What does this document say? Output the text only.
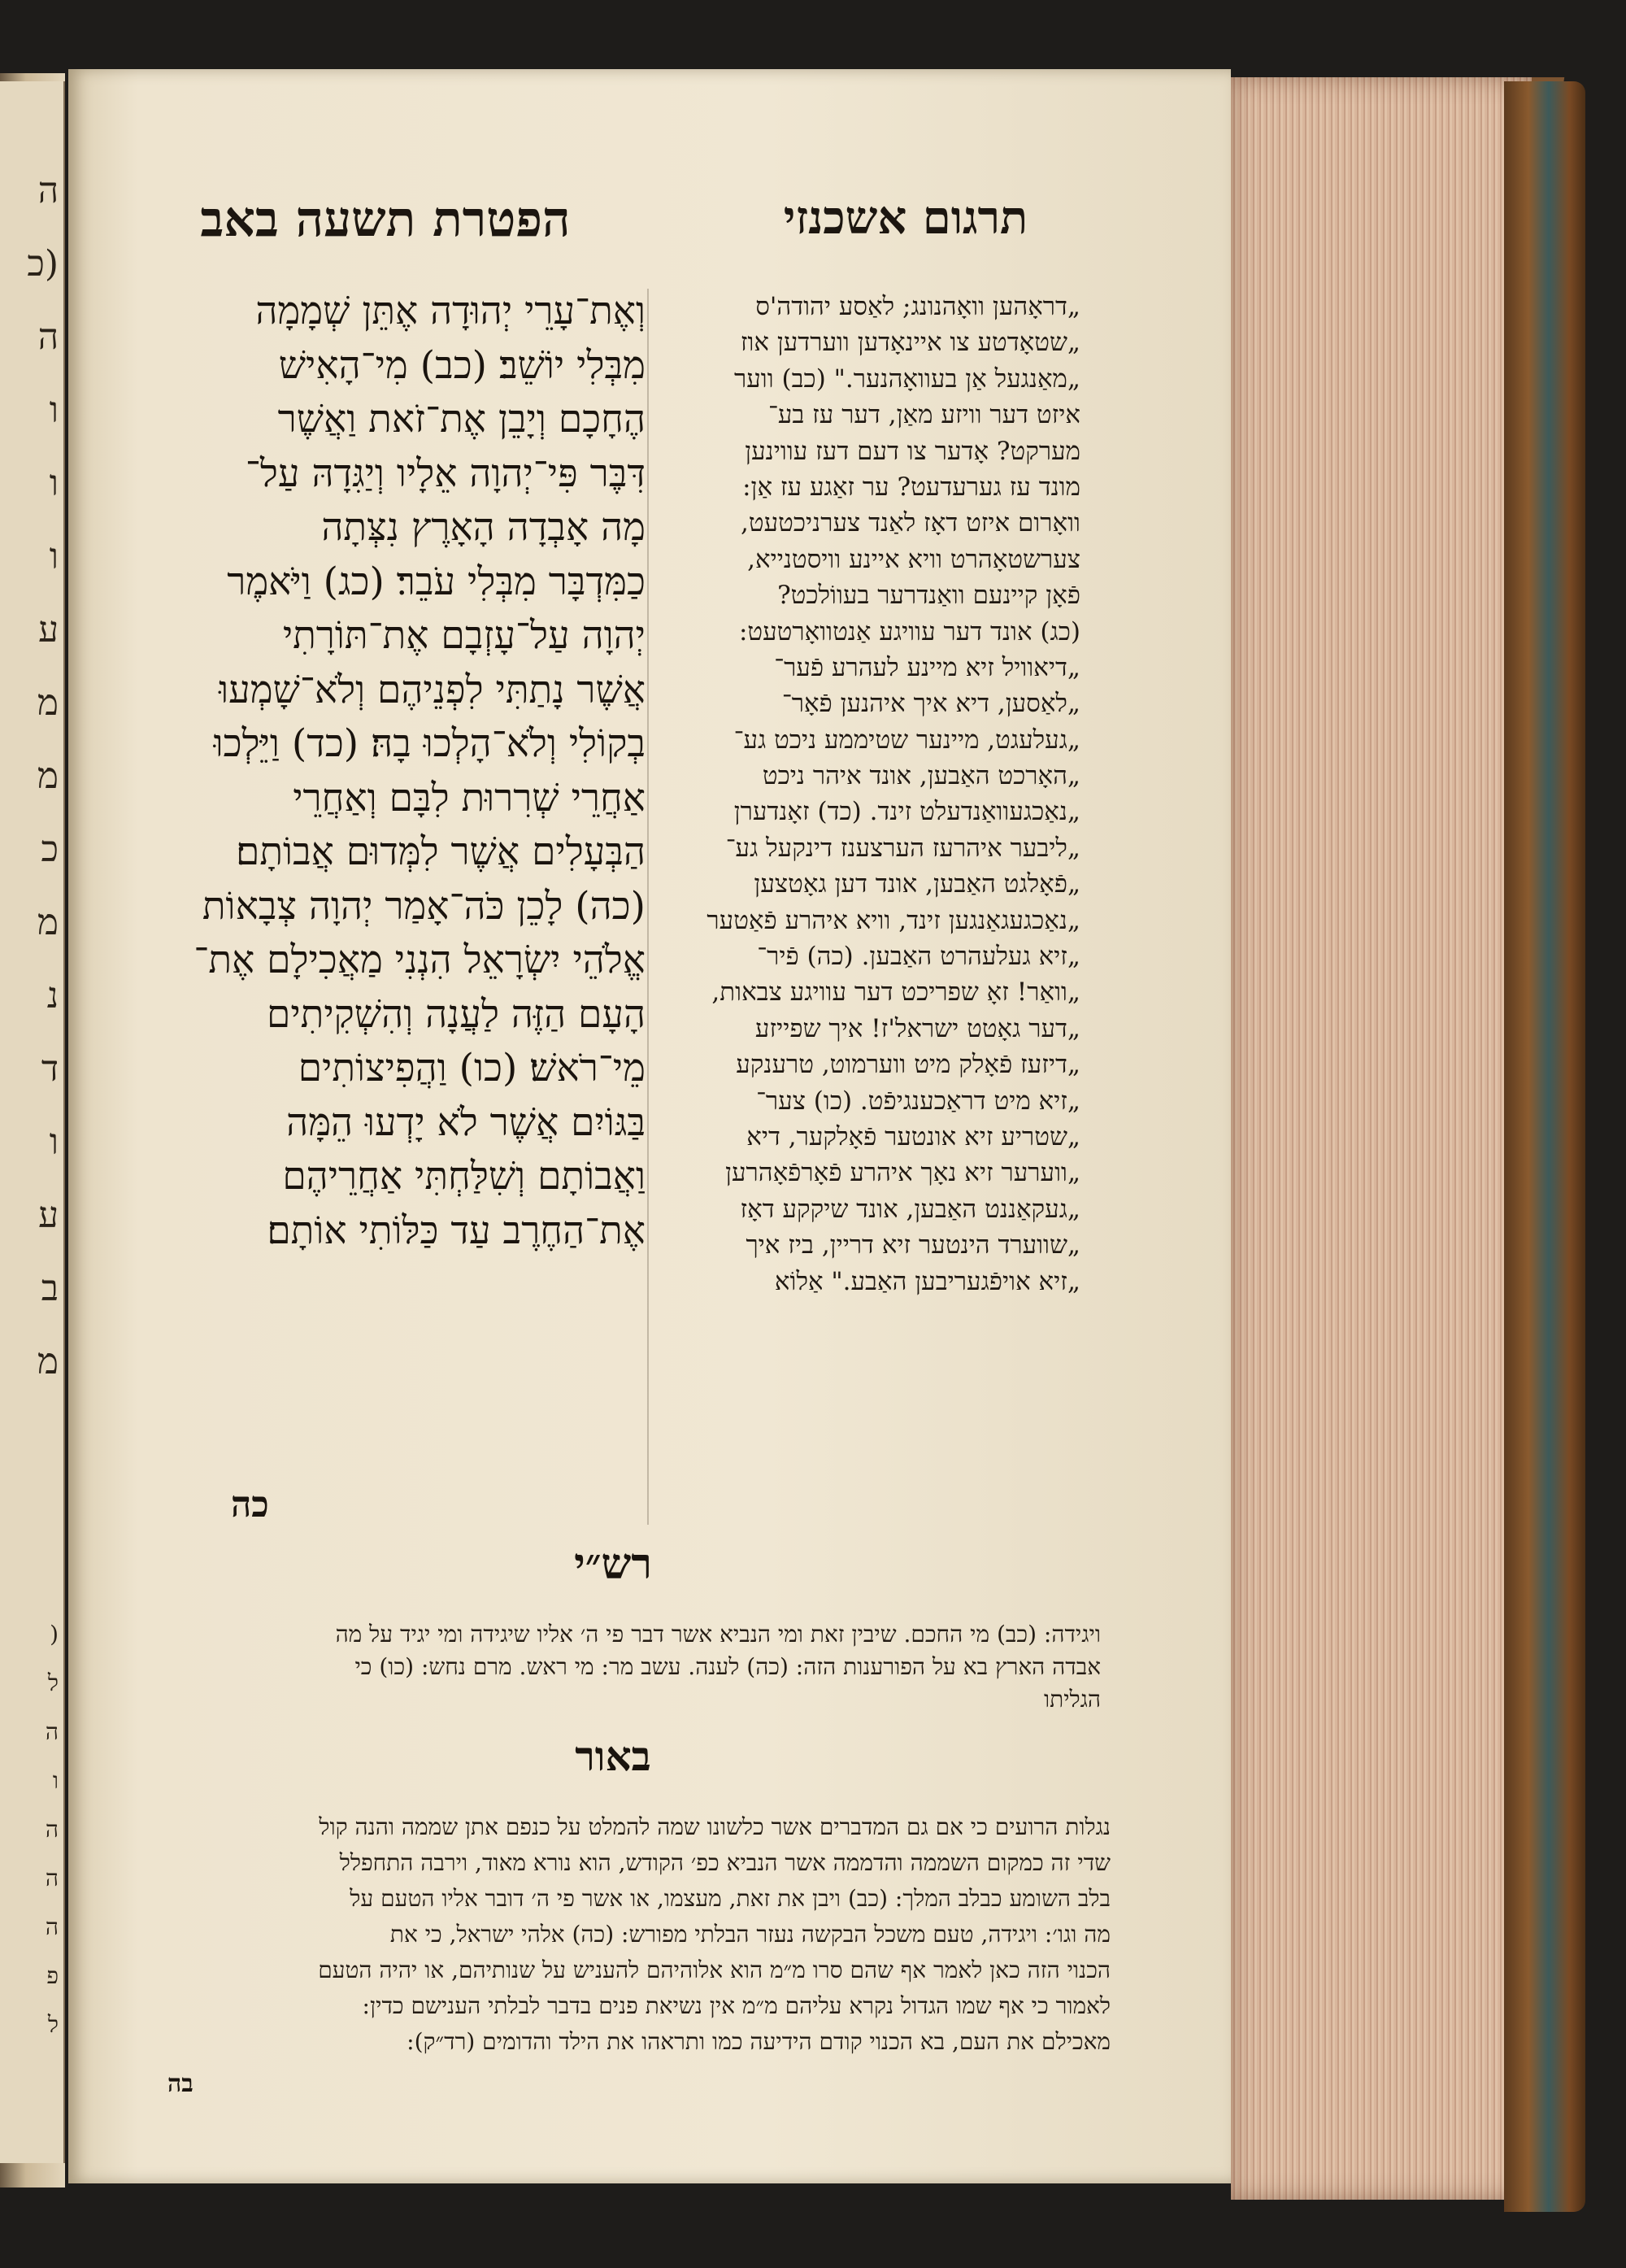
ה
(כ
ה
ו
ו
ו
ע
מ
מ
כ
מ
נ
ד
ו
ע
ב
מ
(
ל
ה
ו
ה
ה
ה
פ
ל
הפטרת תשעה באב	תרגום אשכנזי
וְאֶת־עָרֵי יְהוּדָה אֶתֵּן שְׁמָמָה
מִבְּלִי יוֹשֵׁב׃ (כב) מִי־הָאִישׁ
הֶחָכָם וְיָבֵן אֶת־זֹאת וַאֲשֶׁר
דִּבֶּר פִּי־יְהוָה אֵלָיו וְיַגִּדָהּ עַל־
מָה אָבְדָה הָאָרֶץ נִצְּתָה
כַמִּדְבָּר מִבְּלִי עֹבֵר׃ (כג) וַיֹּאמֶר
יְהוָה עַל־עָזְבָם אֶת־תּוֹרָתִי
אֲשֶׁר נָתַתִּי לִפְנֵיהֶם וְלֹא־שָׁמְעוּ
בְקוֹלִי וְלֹא־הָלְכוּ בָהּ׃ (כד) וַיֵּלְכוּ
אַחֲרֵי שְׁרִרוּת לִבָּם וְאַחֲרֵי
הַבְּעָלִים אֲשֶׁר לִמְּדוּם אֲבוֹתָם׃
(כה) לָכֵן כֹּה־אָמַר יְהוָה צְבָאוֹת
אֱלֹהֵי יִשְׂרָאֵל הִנְנִי מַאֲכִילָם אֶת־
הָעָם הַזֶּה לַעֲנָה וְהִשְׁקִיתִים
מֵי־רֹאשׁ׃ (כו) וַהֲפִיצוֹתִים
בַּגּוֹיִם אֲשֶׁר לֹא יָדְעוּ הֵמָּה
וַאֲבוֹתָם וְשִׁלַּחְתִּי אַחֲרֵיהֶם
אֶת־הַחֶרֶב עַד כַּלּוֹתִי אוֹתָם׃
כה
„דראָהען וואָהנונג; לאַסע יהודה'ס
„שטאָדטע צו איינאָדען ווערדען אוז
„מאַנגעל אַן בעוואָהנער." (כב) ווער
איזט דער וויזע מאַן, דער עז בע־
מערקט? אָדער צו דעם דעז עווינען
מונד עז גערעדעט? ער זאַגע עז אַן:
וואָרום איזט דאָז לאַנד צערניכטעט,
צערשטאָהרט וויא איינע וויסטנייא,
פֿאָן קיינעם וואַנדרער בעווֹלכט?
(כג) אונד דער עוויגע אַנטוואָרטעט:
„דיאוויל זיא מיינע לעהרע פֿער־
„לאַסען, דיא איך איהנען פֿאָר־
„געלעגט, מיינער שטיממע ניכט גע־
„האָרכט האַבען, אונד איהר ניכט
„נאַכגעוואַנדעלט זינד. (כד) זאָנדערן
„ליבער איהרעז הערצענז דינקעל גע־
„פֿאָלגט האַבען, אונד דען גאָטצען
„נאַכגעגאַנגען זינד, וויא איהרע פֿאַטער
„זיא געלעהרט האַבען. (כה) פֿיר־
„וואַר! זאָ שפריכט דער עוויגע צבאות,
„דער גאָטט ישראל'ז! איך שפייזע
„דיזעז פֿאָלק מיט ווערמוט, טרענקע
„זיא מיט דראַכענגיפֿט. (כו) צער־
„שטריע זיא אונטער פֿאָלקער, דיא
„ווערער זיא נאָך איהרע פֿאָרפֿאָהרען
„געקאַננט האַבען, אונד שיקקע דאָז
„שווערד הינטער זיא דריין, ביז איך
„זיא אויפֿגעריבען האַבע." אַלוֹא
רש״י
ויגידה: (כב) מי החכם. שיבין זאת ומי הנביא אשר דבר פי ה׳ אליו שיגידה ומי יגיד על מה
אבדה הארץ בא על הפורענות הזה: (כה) לענה. עשב מר: מי ראש. מרם נחש: (כו) כי
הגליתו
באור
נגלות הרועים כי אם גם המדברים אשר כלשונו שמה להמלט על כנפם אתן שממה והנה קול
שדי זה כמקום השממה והדממה אשר הנביא כפ׳ הקודש, הוא נורא מאוד, וירבה התחפלל
בלב השומע כבלב המלך: (כב) ויבן את זאת, מעצמו, או אשר פי ה׳ דובר אליו הטעם על
מה וגו׳: ויגידה, טעם משכל הבקשה נעזר הבלתי מפורש: (כה) אלהי ישראל, כי את
הכנוי הזה כאן לאמר אף שהם סרו מ״מ הוא אלוהיהם להעניש על שנותיהם, או יהיה הטעם
לאמור כי אף שמו הגדול נקרא עליהם מ״מ אין נשיאת פנים בדבר לבלתי הענישם כדין:
מאכילם את העם, בא הכנוי קודם הידיעה כמו ותראהו את הילד והדומים (רד״ק):
בה
